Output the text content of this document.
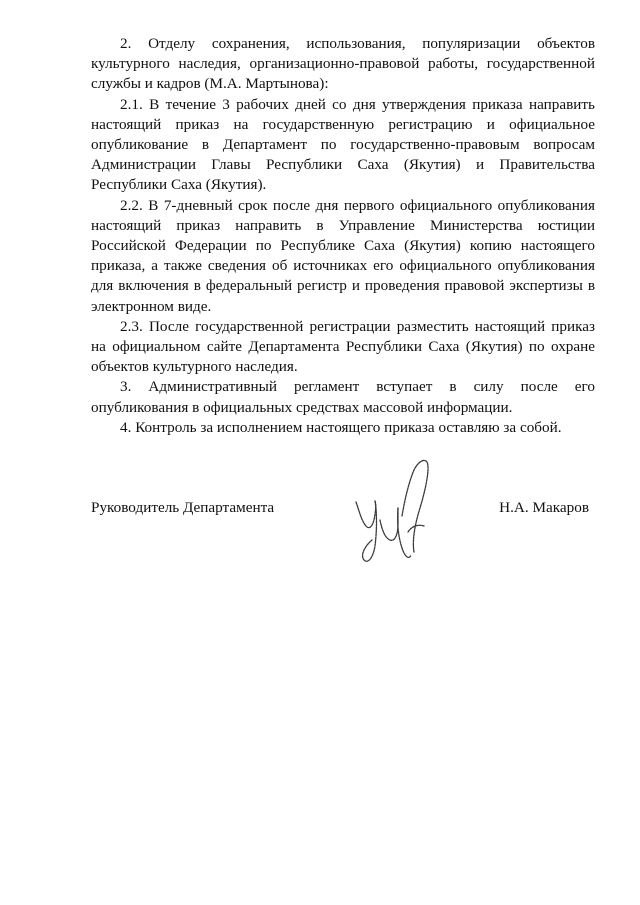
2. Отделу сохранения, использования, популяризации объектов культурного наследия, организационно-правовой работы, государственной службы и кадров (М.А. Мартынова):

2.1. В течение 3 рабочих дней со дня утверждения приказа направить настоящий приказ на государственную регистрацию и официальное опубликование в Департамент по государственно-правовым вопросам Администрации Главы Республики Саха (Якутия) и Правительства Республики Саха (Якутия).

2.2. В 7-дневный срок после дня первого официального опубликования настоящий приказ направить в Управление Министерства юстиции Российской Федерации по Республике Саха (Якутия) копию настоящего приказа, а также сведения об источниках его официального опубликования для включения в федеральный регистр и проведения правовой экспертизы в электронном виде.

2.3. После государственной регистрации разместить настоящий приказ на официальном сайте Департамента Республики Саха (Якутия) по охране объектов культурного наследия.

3. Административный регламент вступает в силу после его опубликования в официальных средствах массовой информации.

4. Контроль за исполнением настоящего приказа оставляю за собой.

Руководитель Департамента	Н.А. Макаров
